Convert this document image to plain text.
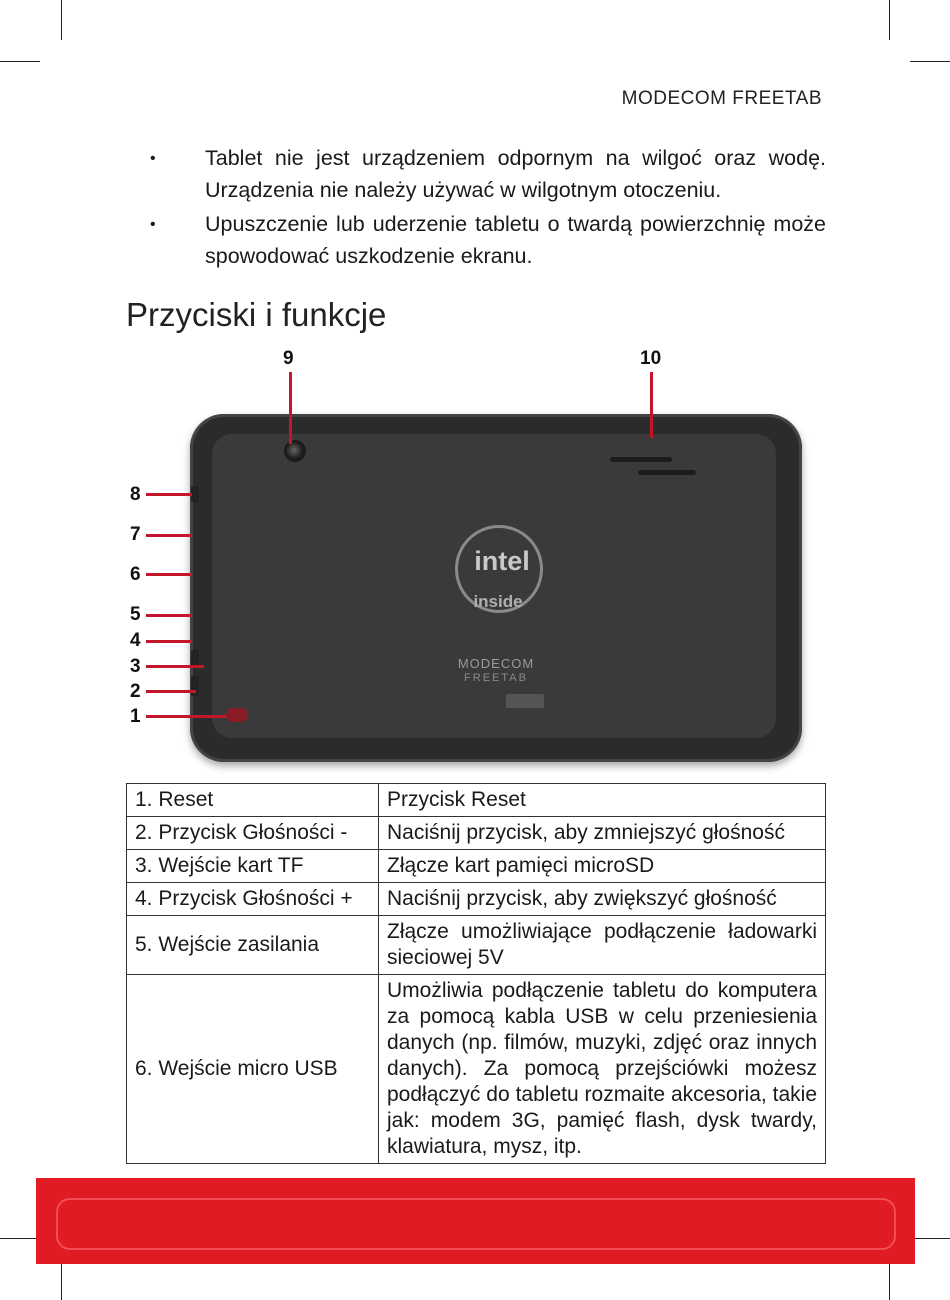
MODECOM FREETAB
•	Tablet nie jest urządzeniem odpornym na wilgoć oraz wodę. Urządzenia nie należy używać w wilgotnym otoczeniu.
•	Upuszczenie lub uderzenie tabletu o twardą powierzchnię może spowodować uszkodzenie ekranu.
Przyciski i funkcje
intel
inside
MODECOM
FREETAB
9	10
8
7
6
5
4
3
2
1
1. Reset	Przycisk Reset
2. Przycisk Głośności -	Naciśnij przycisk, aby zmniejszyć głośność
3. Wejście kart TF	Złącze kart pamięci microSD
4. Przycisk Głośności +	Naciśnij przycisk, aby zwiększyć głośność
5. Wejście zasilania	Złącze umożliwiające podłączenie ładowarki sieciowej 5V
6. Wejście micro USB	Umożliwia podłączenie tabletu do komputera za pomocą kabla USB w celu przeniesienia danych (np. filmów, muzyki, zdjęć oraz innych danych). Za pomocą przejściówki możesz podłączyć do tabletu rozmaite akcesoria, takie jak: modem 3G, pamięć flash, dysk twardy, klawiatura, mysz, itp.
